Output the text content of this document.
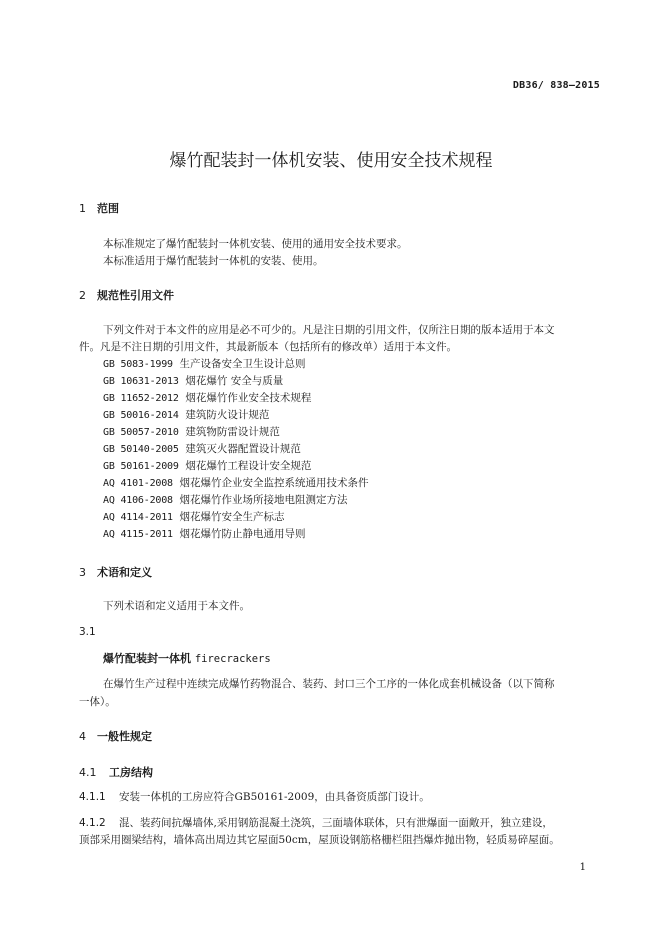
DB36/ 838—2015
爆竹配装封一体机安装、使用安全技术规程
1 范围
本标准规定了爆竹配装封一体机安装、使用的通用安全技术要求。
本标准适用于爆竹配装封一体机的安装、使用。
2 规范性引用文件
下列文件对于本文件的应用是必不可少的。凡是注日期的引用文件，仅所注日期的版本适用于本文
件。凡是不注日期的引用文件，其最新版本（包括所有的修改单）适用于本文件。
GB 5083-1999 生产设备安全卫生设计总则
GB 10631-2013 烟花爆竹 安全与质量
GB 11652-2012 烟花爆竹作业安全技术规程
GB 50016-2014 建筑防火设计规范
GB 50057-2010 建筑物防雷设计规范
GB 50140-2005 建筑灭火器配置设计规范
GB 50161-2009 烟花爆竹工程设计安全规范
AQ 4101-2008 烟花爆竹企业安全监控系统通用技术条件
AQ 4106-2008 烟花爆竹作业场所接地电阻测定方法
AQ 4114-2011 烟花爆竹安全生产标志
AQ 4115-2011 烟花爆竹防止静电通用导则
3 术语和定义
下列术语和定义适用于本文件。
3.1
爆竹配装封一体机 firecrackers
在爆竹生产过程中连续完成爆竹药物混合、装药、封口三个工序的一体化成套机械设备（以下简称
一体）。
4 一般性规定
4.1 工房结构
4.1.1 安装一体机的工房应符合GB50161-2009，由具备资质部门设计。
4.1.2 混、装药间抗爆墙体,采用钢筋混凝土浇筑，三面墙体联体，只有泄爆面一面敞开，独立建设，
顶部采用圈梁结构，墙体高出周边其它屋面50cm，屋顶设钢筋格栅栏阻挡爆炸抛出物，轻质易碎屋面。
1
